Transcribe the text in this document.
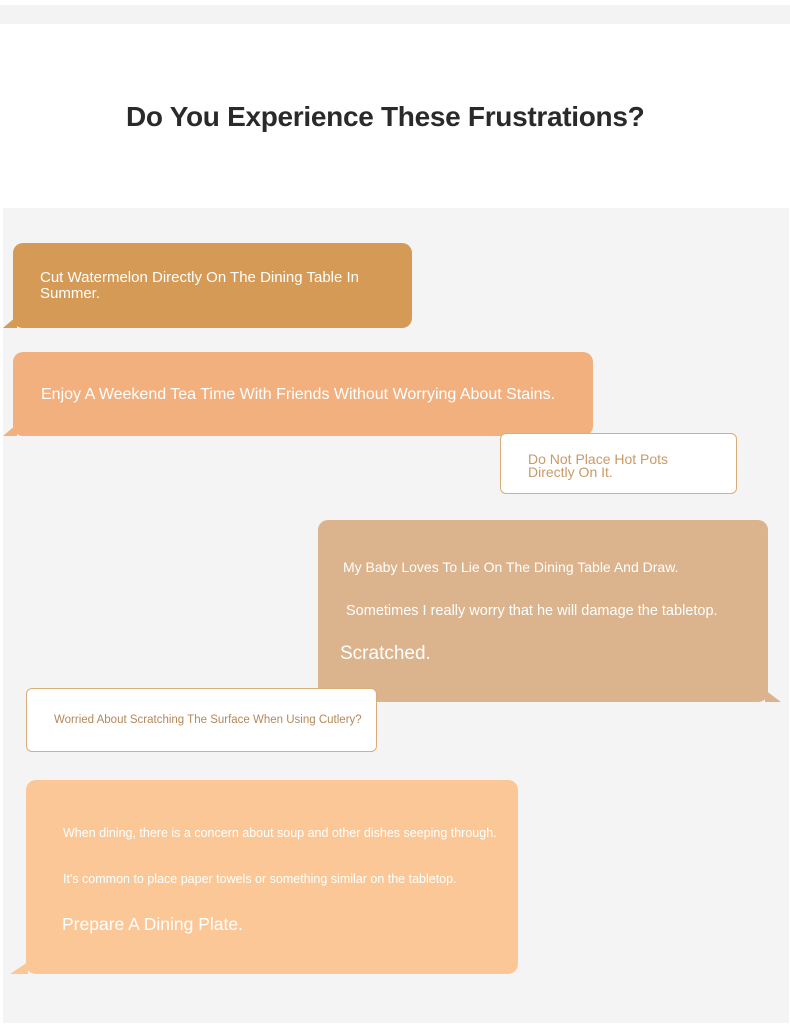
Do You Experience These Frustrations?
Cut Watermelon Directly On The Dining Table In Summer.
Enjoy A Weekend Tea Time With Friends Without Worrying About Stains.
Do Not Place Hot Pots Directly On It.
My Baby Loves To Lie On The Dining Table And Draw.
Sometimes I really worry that he will damage the tabletop.
Scratched.
Worried About Scratching The Surface When Using Cutlery?
When dining, there is a concern about soup and other dishes seeping through.
It's common to place paper towels or something similar on the tabletop.
Prepare A Dining Plate.
